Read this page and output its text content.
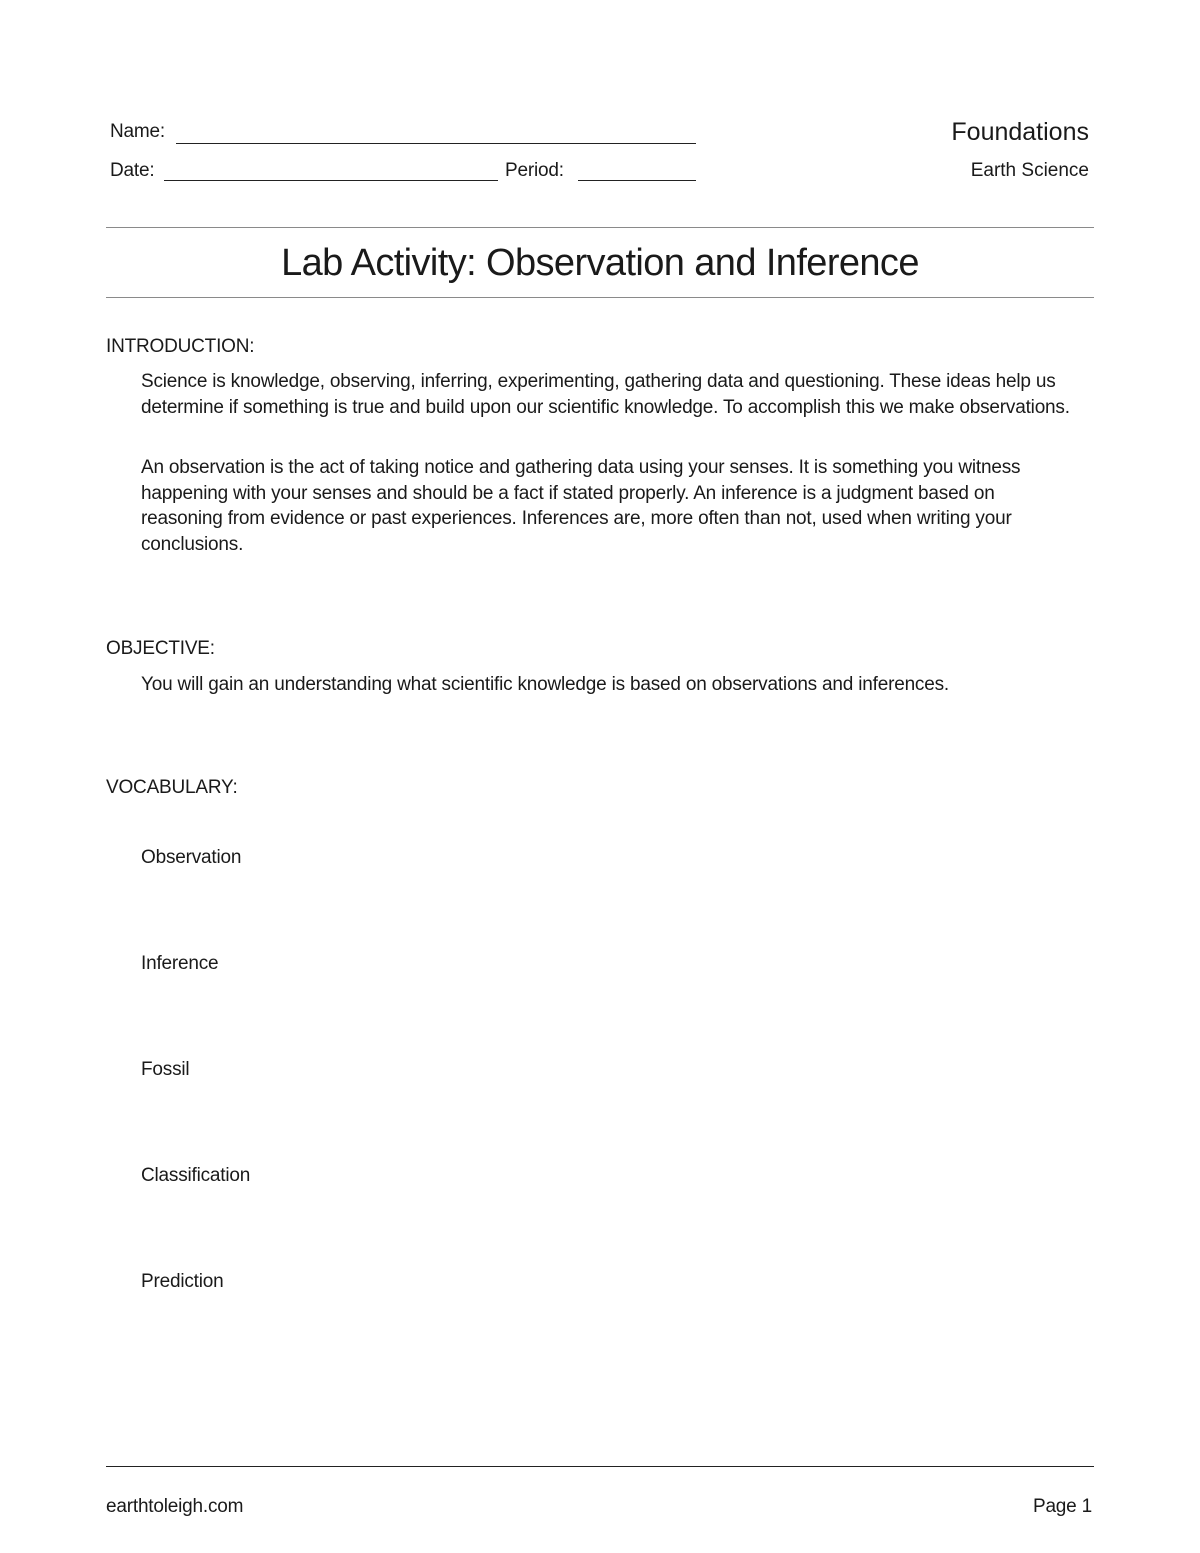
Name:
Date:	Period:
Foundations
Earth Science
Lab Activity: Observation and Inference
INTRODUCTION:
Science is knowledge, observing, inferring, experimenting, gathering data and questioning. These ideas help us determine if something is true and build upon our scientific knowledge. To accomplish this we make observations.
An observation is the act of taking notice and gathering data using your senses. It is something you witness happening with your senses and should be a fact if stated properly. An inference is a judgment based on reasoning from evidence or past experiences. Inferences are, more often than not, used when writing your conclusions.
OBJECTIVE:
You will gain an understanding what scientific knowledge is based on observations and inferences.
VOCABULARY:
Observation
Inference
Fossil
Classification
Prediction
earthtoleigh.com	Page 1
